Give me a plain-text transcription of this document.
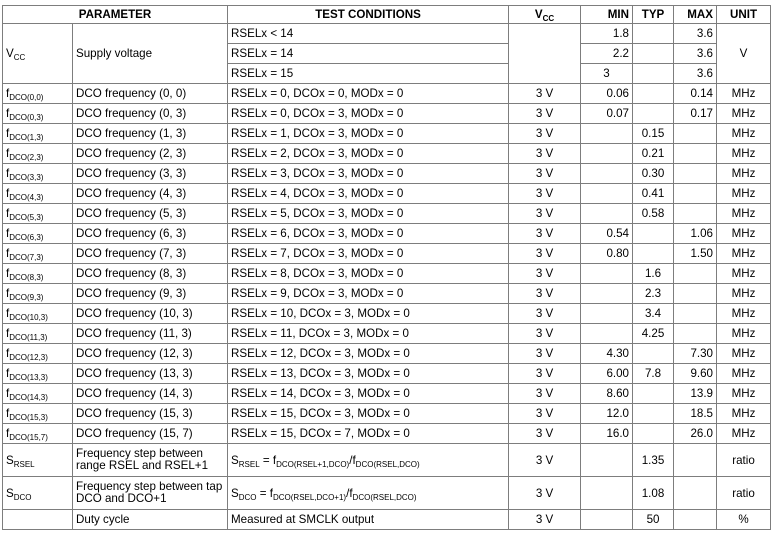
PARAMETER		TEST CONDITIONS	$V_{CC}$	MIN	TYP	MAX	UNIT
$V_{CC}$	Supply voltage	RSELx < 14		1.8		3.6	V
		RSELx = 14		2.2		3.6	
		RSELx = 15		3		3.6	
$f_{DCO(0,0)}$	DCO frequency (0, 0)	RSELx = 0, DCOx = 0, MODx = 0	3 V	0.06		0.14	MHz
$f_{DCO(0,3)}$	DCO frequency (0, 3)	RSELx = 0, DCOx = 3, MODx = 0	3 V	0.07		0.17	MHz
$f_{DCO(1,3)}$	DCO frequency (1, 3)	RSELx = 1, DCOx = 3, MODx = 0	3 V		0.15		MHz
$f_{DCO(2,3)}$	DCO frequency (2, 3)	RSELx = 2, DCOx = 3, MODx = 0	3 V		0.21		MHz
$f_{DCO(3,3)}$	DCO frequency (3, 3)	RSELx = 3, DCOx = 3, MODx = 0	3 V		0.30		MHz
$f_{DCO(4,3)}$	DCO frequency (4, 3)	RSELx = 4, DCOx = 3, MODx = 0	3 V		0.41		MHz
$f_{DCO(5,3)}$	DCO frequency (5, 3)	RSELx = 5, DCOx = 3, MODx = 0	3 V		0.58		MHz
$f_{DCO(6,3)}$	DCO frequency (6, 3)	RSELx = 6, DCOx = 3, MODx = 0	3 V	0.54		1.06	MHz
$f_{DCO(7,3)}$	DCO frequency (7, 3)	RSELx = 7, DCOx = 3, MODx = 0	3 V	0.80		1.50	MHz
$f_{DCO(8,3)}$	DCO frequency (8, 3)	RSELx = 8, DCOx = 3, MODx = 0	3 V		1.6		MHz
$f_{DCO(9,3)}$	DCO frequency (9, 3)	RSELx = 9, DCOx = 3, MODx = 0	3 V		2.3		MHz
$f_{DCO(10,3)}$	DCO frequency (10, 3)	RSELx = 10, DCOx = 3, MODx = 0	3 V		3.4		MHz
$f_{DCO(11,3)}$	DCO frequency (11, 3)	RSELx = 11, DCOx = 3, MODx = 0	3 V		4.25		MHz
$f_{DCO(12,3)}$	DCO frequency (12, 3)	RSELx = 12, DCOx = 3, MODx = 0	3 V	4.30		7.30	MHz
$f_{DCO(13,3)}$	DCO frequency (13, 3)	RSELx = 13, DCOx = 3, MODx = 0	3 V	6.00	7.8	9.60	MHz
$f_{DCO(14,3)}$	DCO frequency (14, 3)	RSELx = 14, DCOx = 3, MODx = 0	3 V	8.60		13.9	MHz
$f_{DCO(15,3)}$	DCO frequency (15, 3)	RSELx = 15, DCOx = 3, MODx = 0	3 V	12.0		18.5	MHz
$f_{DCO(15,7)}$	DCO frequency (15, 7)	RSELx = 15, DCOx = 7, MODx = 0	3 V	16.0		26.0	MHz
$S_{RSEL}$	Frequency step between range RSEL and RSEL+1	$S_{RSEL} = f_{DCO(RSEL+1,DCO)}/f_{DCO(RSEL,DCO)}$	3 V		1.35		ratio
$S_{DCO}$	Frequency step between tap DCO and DCO+1	$S_{DCO} = f_{DCO(RSEL,DCO+1)}/f_{DCO(RSEL,DCO)}$	3 V		1.08		ratio
	Duty cycle	Measured at SMCLK output	3 V		50		%
